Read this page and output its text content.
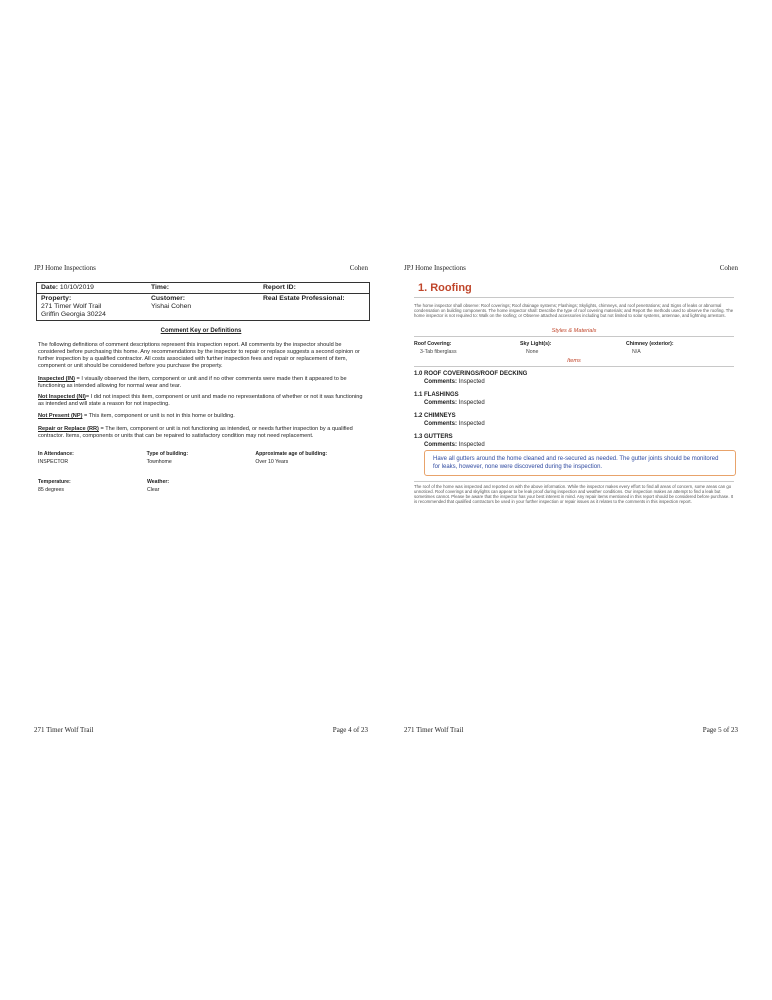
JPJ Home Inspections	Cohen
Date: 10/10/2019	Time:	Report ID:
Property:
271 Timer Wolf Trail
Griffin Georgia 30224
Customer:
Yishai Cohen
Real Estate Professional:
Comment Key or Definitions

The following definitions of comment descriptions represent this inspection report. All comments by the inspector should be considered before purchasing this home. Any recommendations by the inspector to repair or replace suggests a second opinion or further inspection by a qualified contractor. All costs associated with further inspection fees and repair or replacement of item, component or unit should be considered before you purchase the property.

Inspected (IN) = I visually observed the item, component or unit and if no other comments were made then it appeared to be functioning as intended allowing for normal wear and tear.

Not Inspected (NI)= I did not inspect this item, component or unit and made no representations of whether or not it was functioning as intended and will state a reason for not inspecting.

Not Present (NP) = This item, component or unit is not in this home or building.

Repair or Replace (RR) = The item, component or unit is not functioning as intended, or needs further inspection by a qualified contractor. Items, components or units that can be repaired to satisfactory condition may not need replacement.

In Attendance:
INSPECTOR
Type of building:
Townhome
Approximate age of building:
Over 10 Years
Temperature:
85 degrees
Weather:
Clear
271 Timer Wolf Trail	Page 4 of 23
JPJ Home Inspections	Cohen
1. Roofing

The home inspector shall observe: Roof coverings; Roof drainage systems; Flashings; Skylights, chimneys, and roof penetrations; and Signs of leaks or abnormal condensation on building components. The home inspector shall: Describe the type of roof covering materials; and Report the methods used to observe the roofing. The home inspector is not required to: Walk on the roofing; or Observe attached accessories including but not limited to solar systems, antennae, and lightning arrestors.

Styles & Materials
Roof Covering:
3-Tab fiberglass
Sky Light(s):
None
Chimney (exterior):
N/A
Items
1.0 ROOF COVERINGS/ROOF DECKING
Comments: Inspected
1.1 FLASHINGS
Comments: Inspected
1.2 CHIMNEYS
Comments: Inspected
1.3 GUTTERS
Comments: Inspected
Have all gutters around the home cleaned and re-secured as needed. The gutter joints should be monitored for leaks, however, none were discovered during the inspection.

The roof of the home was inspected and reported on with the above information. While the inspector makes every effort to find all areas of concern, some areas can go unnoticed. Roof coverings and skylights can appear to be leak proof during inspection and weather conditions. Our inspection makes an attempt to find a leak but sometimes cannot. Please be aware that the inspector has your best interest in mind. Any repair items mentioned in this report should be considered before purchase. It is recommended that qualified contractors be used in your further inspection or repair issues as it relates to the comments in this inspection report.

271 Timer Wolf Trail	Page 5 of 23
